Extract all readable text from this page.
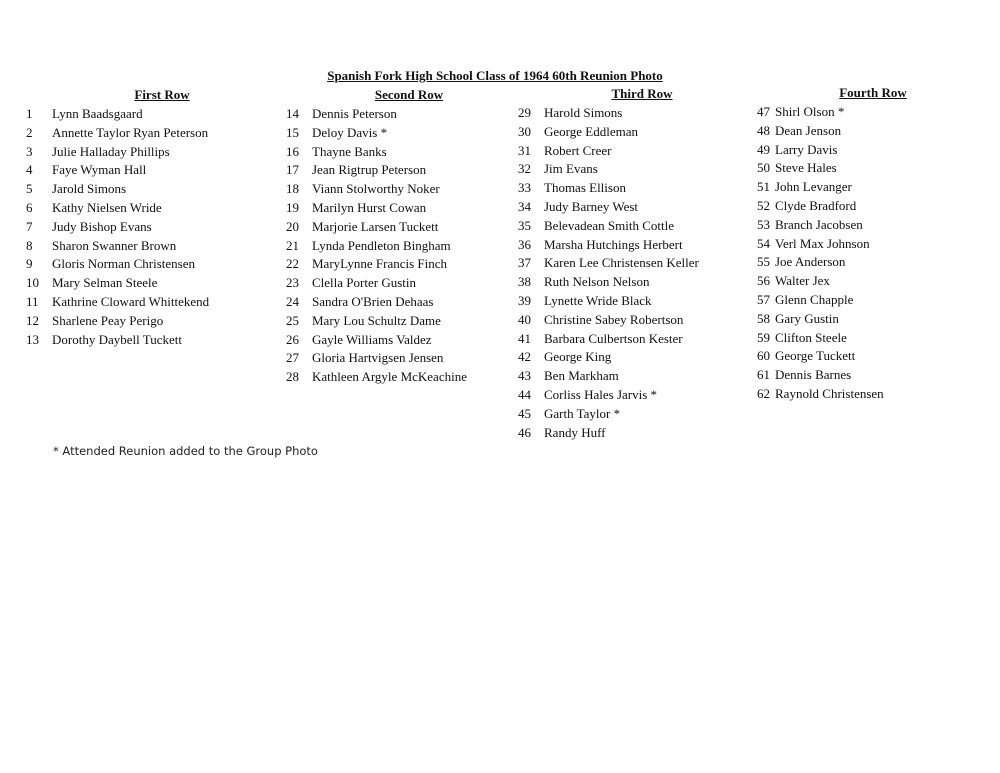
Spanish Fork High School Class of 1964 60th Reunion Photo
First Row
1 Lynn Baadsgaard
2 Annette Taylor Ryan Peterson
3 Julie Halladay Phillips
4 Faye Wyman Hall
5 Jarold Simons
6 Kathy Nielsen Wride
7 Judy Bishop Evans
8 Sharon Swanner Brown
9 Gloris Norman Christensen
10 Mary Selman Steele
11 Kathrine Cloward Whittekend
12 Sharlene Peay Perigo
13 Dorothy Daybell Tuckett
Second Row
14 Dennis Peterson
15 Deloy Davis *
16 Thayne Banks
17 Jean Rigtrup Peterson
18 Viann Stolworthy Noker
19 Marilyn Hurst Cowan
20 Marjorie Larsen Tuckett
21 Lynda Pendleton Bingham
22 MaryLynne Francis Finch
23 Clella Porter Gustin
24 Sandra O'Brien Dehaas
25 Mary Lou Schultz Dame
26 Gayle Williams Valdez
27 Gloria Hartvigsen Jensen
28 Kathleen Argyle McKeachine
Third Row
29 Harold Simons
30 George Eddleman
31 Robert Creer
32 Jim Evans
33 Thomas Ellison
34 Judy Barney West
35 Belevadean Smith Cottle
36 Marsha Hutchings Herbert
37 Karen Lee Christensen Keller
38 Ruth Nelson Nelson
39 Lynette Wride Black
40 Christine Sabey Robertson
41 Barbara Culbertson Kester
42 George King
43 Ben Markham
44 Corliss Hales Jarvis *
45 Garth Taylor *
46 Randy Huff
Fourth Row
47 Shirl Olson *
48 Dean Jenson
49 Larry Davis
50 Steve Hales
51 John Levanger
52 Clyde Bradford
53 Branch Jacobsen
54 Verl Max Johnson
55 Joe Anderson
56 Walter Jex
57 Glenn Chapple
58 Gary Gustin
59 Clifton Steele
60 George Tuckett
61 Dennis Barnes
62 Raynold Christensen
* Attended Reunion added to the Group Photo
